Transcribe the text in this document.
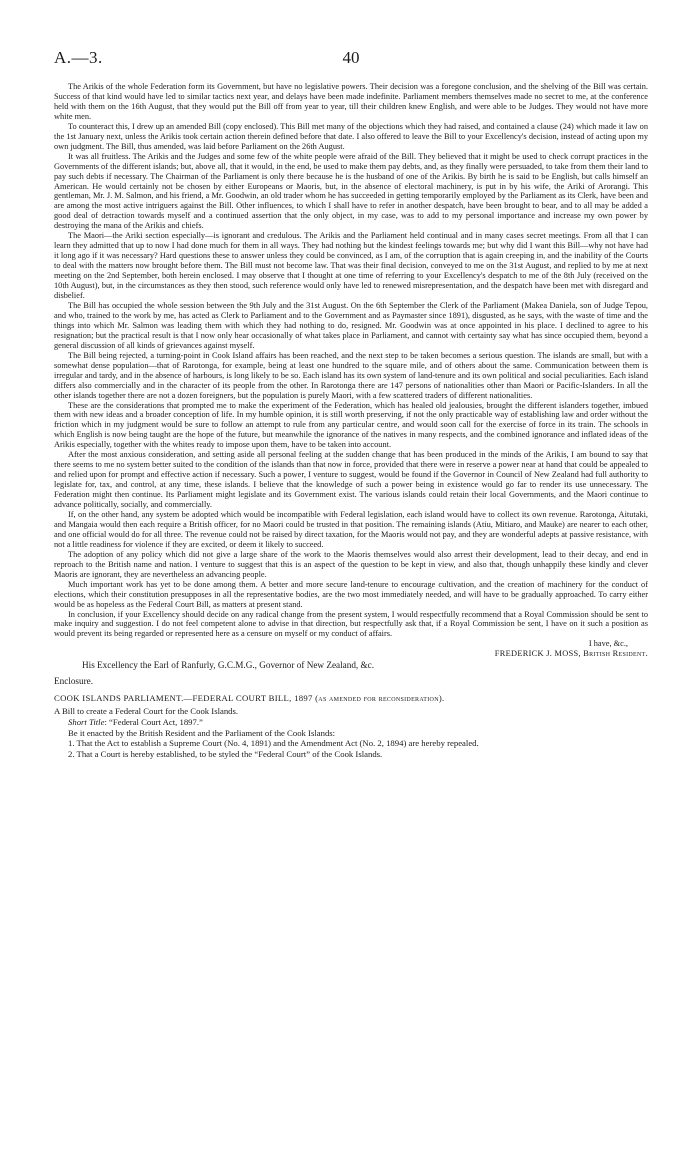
A.—3.	40

The Arikis of the whole Federation form its Government, but have no legislative powers. Their decision was a foregone conclusion, and the shelving of the Bill was certain. Success of that kind would have led to similar tactics next year, and delays have been made indefinite. Parliament members themselves made no secret to me, at the conference held with them on the 16th August, that they would put the Bill off from year to year, till their children knew English, and were able to be Judges. They would not have more white men.

To counteract this, I drew up an amended Bill (copy enclosed). This Bill met many of the objections which they had raised, and contained a clause (24) which made it law on the 1st January next, unless the Arikis took certain action therein defined before that date. I also offered to leave the Bill to your Excellency's decision, instead of acting upon my own judgment. The Bill, thus amended, was laid before Parliament on the 26th August.

It was all fruitless. The Arikis and the Judges and some few of the white people were afraid of the Bill. They believed that it might be used to check corrupt practices in the Governments of the different islands; but, above all, that it would, in the end, be used to make them pay debts, and, as they finally were persuaded, to take from them their land to pay such debts if necessary. The Chairman of the Parliament is only there because he is the husband of one of the Arikis. By birth he is said to be English, but calls himself an American. He would certainly not be chosen by either Europeans or Maoris, but, in the absence of electoral machinery, is put in by his wife, the Ariki of Arorangi. This gentleman, Mr. J. M. Salmon, and his friend, a Mr. Goodwin, an old trader whom he has succeeded in getting temporarily employed by the Parliament as its Clerk, have been and are among the most active intriguers against the Bill. Other influences, to which I shall have to refer in another despatch, have been brought to bear, and to all may be added a good deal of detraction towards myself and a continued assertion that the only object, in my case, was to add to my personal importance and increase my own power by destroying the mana of the Arikis and chiefs.

The Maori—the Ariki section especially—is ignorant and credulous. The Arikis and the Parliament held continual and in many cases secret meetings. From all that I can learn they admitted that up to now I had done much for them in all ways. They had nothing but the kindest feelings towards me; but why did I want this Bill—why not have had it long ago if it was necessary? Hard questions these to answer unless they could be convinced, as I am, of the corruption that is again creeping in, and the inability of the Courts to deal with the matters now brought before them. The Bill must not become law. That was their final decision, conveyed to me on the 31st August, and replied to by me at next meeting on the 2nd September, both herein enclosed. I may observe that I thought at one time of referring to your Excellency's despatch to me of the 8th July (received on the 10th August), but, in the circumstances as they then stood, such reference would only have led to renewed misrepresentation, and the despatch have been met with disregard and disbelief.

The Bill has occupied the whole session between the 9th July and the 31st August. On the 6th September the Clerk of the Parliament (Makea Daniela, son of Judge Tepou, and who, trained to the work by me, has acted as Clerk to Parliament and to the Government and as Paymaster since 1891), disgusted, as he says, with the waste of time and the things into which Mr. Salmon was leading them with which they had nothing to do, resigned. Mr. Goodwin was at once appointed in his place. I declined to agree to his resignation; but the practical result is that I now only hear occasionally of what takes place in Parliament, and cannot with certainty say what has since occupied them, beyond a general discussion of all kinds of grievances against myself.

The Bill being rejected, a turning-point in Cook Island affairs has been reached, and the next step to be taken becomes a serious question. The islands are small, but with a somewhat dense population—that of Rarotonga, for example, being at least one hundred to the square mile, and of others about the same. Communication between them is irregular and tardy, and in the absence of harbours, is long likely to be so. Each island has its own system of land-tenure and its own political and social peculiarities. Each island differs also commercially and in the character of its people from the other. In Rarotonga there are 147 persons of nationalities other than Maori or Pacific-Islanders. In all the other islands together there are not a dozen foreigners, but the population is purely Maori, with a few scattered traders of different nationalities.

These are the considerations that prompted me to make the experiment of the Federation, which has healed old jealousies, brought the different islanders together, imbued them with new ideas and a broader conception of life. In my humble opinion, it is still worth preserving, if not the only practicable way of establishing law and order without the friction which in my judgment would be sure to follow an attempt to rule from any particular centre, and would soon call for the exercise of force in its train. The schools in which English is now being taught are the hope of the future, but meanwhile the ignorance of the natives in many respects, and the combined ignorance and inflated ideas of the Arikis especially, together with the whites ready to impose upon them, have to be taken into account.

After the most anxious consideration, and setting aside all personal feeling at the sudden change that has been produced in the minds of the Arikis, I am bound to say that there seems to me no system better suited to the condition of the islands than that now in force, provided that there were in reserve a power near at hand that could be appealed to and relied upon for prompt and effective action if necessary. Such a power, I venture to suggest, would be found if the Governor in Council of New Zealand had full authority to legislate for, tax, and control, at any time, these islands. I believe that the knowledge of such a power being in existence would go far to render its use unnecessary. The Federation might then continue. Its Parliament might legislate and its Government exist. The various islands could retain their local Governments, and the Maori continue to advance politically, socially, and commercially.

If, on the other hand, any system be adopted which would be incompatible with Federal legislation, each island would have to collect its own revenue. Rarotonga, Aitutaki, and Mangaia would then each require a British officer, for no Maori could be trusted in that position. The remaining islands (Atiu, Mitiaro, and Mauke) are nearer to each other, and one official would do for all three. The revenue could not be raised by direct taxation, for the Maoris would not pay, and they are wonderful adepts at passive resistance, with not a little readiness for violence if they are excited, or deem it likely to succeed.

The adoption of any policy which did not give a large share of the work to the Maoris themselves would also arrest their development, lead to their decay, and end in reproach to the British name and nation. I venture to suggest that this is an aspect of the question to be kept in view, and also that, though unhappily these kindly and clever Maoris are ignorant, they are nevertheless an advancing people.

Much important work has yet to be done among them. A better and more secure land-tenure to encourage cultivation, and the creation of machinery for the conduct of elections, which their constitution presupposes in all the representative bodies, are the two most immediately needed, and will have to be gradually approached. To carry either would be as hopeless as the Federal Court Bill, as matters at present stand.

In conclusion, if your Excellency should decide on any radical change from the present system, I would respectfully recommend that a Royal Commission should be sent to make inquiry and suggestion. I do not feel competent alone to advise in that direction, but respectfully ask that, if a Royal Commission be sent, I have on it such a position as would prevent its being regarded or represented here as a censure on myself or my conduct of affairs.

I have, &c.,
FREDERICK J. MOSS, British Resident.

His Excellency the Earl of Ranfurly, G.C.M.G., Governor of New Zealand, &c.

Enclosure.

COOK ISLANDS PARLIAMENT.—FEDERAL COURT BILL, 1897 (as amended for reconsideration).

A Bill to create a Federal Court for the Cook Islands.

Short Title: “Federal Court Act, 1897.”

Be it enacted by the British Resident and the Parliament of the Cook Islands:

1. That the Act to establish a Supreme Court (No. 4, 1891) and the Amendment Act (No. 2, 1894) are hereby repealed.

2. That a Court is hereby established, to be styled the “Federal Court” of the Cook Islands.
